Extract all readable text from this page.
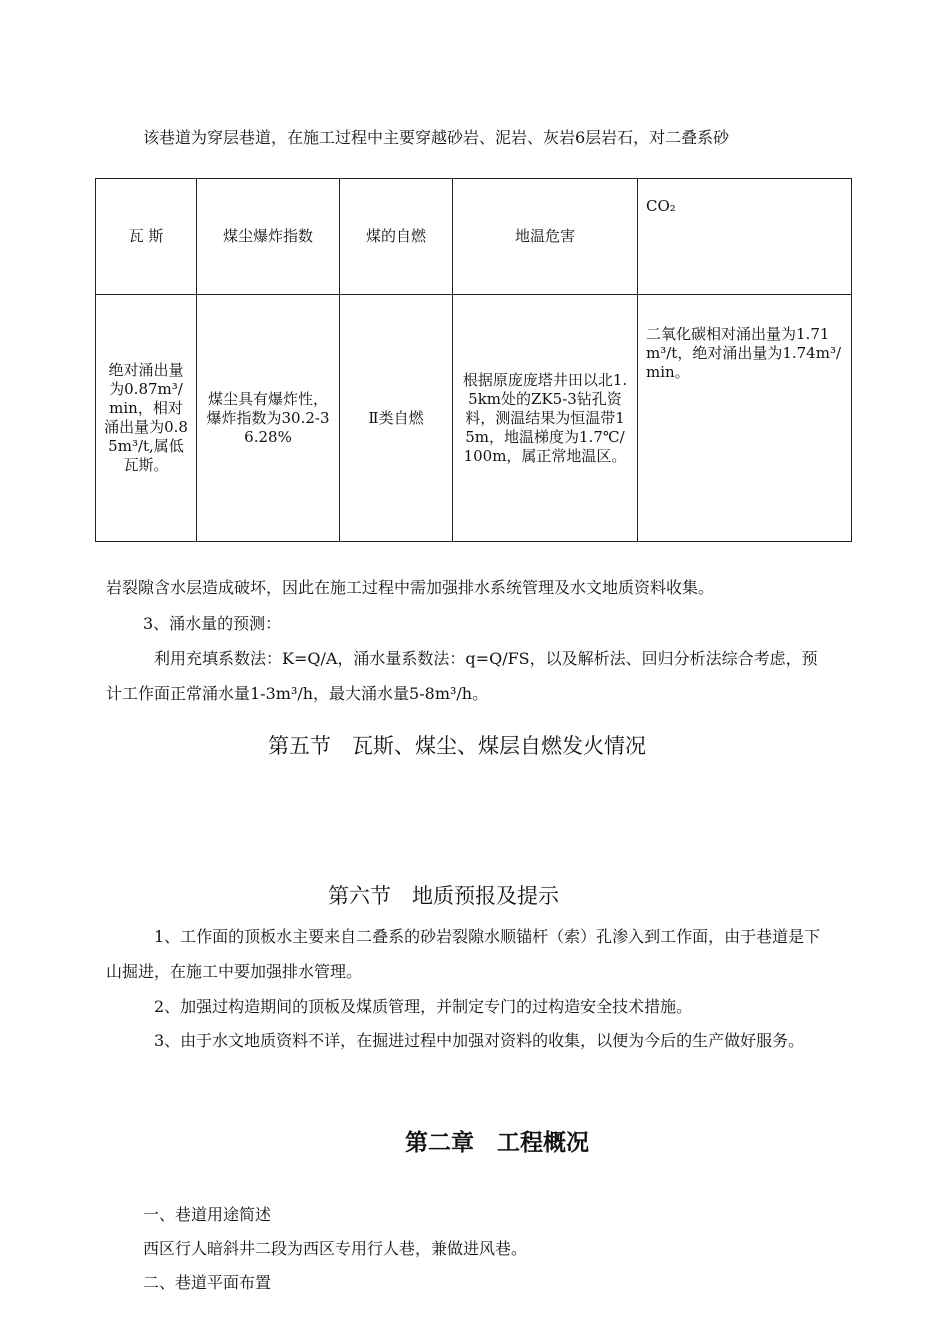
该巷道为穿层巷道，在施工过程中主要穿越砂岩、泥岩、灰岩6层岩石，对二叠系砂
瓦 斯	煤尘爆炸指数	煤的自燃	地温危害	CO₂
绝对涌出量为0.87m³/min，相对涌出量为0.85m³/t,属低瓦斯。	煤尘具有爆炸性，爆炸指数为30.2-36.28%	Ⅱ类自燃	根据原庞庞塔井田以北1.5km处的ZK5-3钻孔资料，测温结果为恒温带15m，地温梯度为1.7℃/100m，属正常地温区。	二氧化碳相对涌出量为1.71m³/t，绝对涌出量为1.74m³/min。
岩裂隙含水层造成破坏，因此在施工过程中需加强排水系统管理及水文地质资料收集。
3、涌水量的预测：
利用充填系数法：K=Q/A，涌水量系数法：q=Q/FS，以及解析法、回归分析法综合考虑，预计工作面正常涌水量1-3m³/h，最大涌水量5-8m³/h。
第五节　瓦斯、煤尘、煤层自燃发火情况
第六节　地质预报及提示
1、工作面的顶板水主要来自二叠系的砂岩裂隙水顺锚杆（索）孔渗入到工作面，由于巷道是下山掘进，在施工中要加强排水管理。
2、加强过构造期间的顶板及煤质管理，并制定专门的过构造安全技术措施。
3、由于水文地质资料不详，在掘进过程中加强对资料的收集，以便为今后的生产做好服务。
第二章　工程概况
一、巷道用途简述
西区行人暗斜井二段为西区专用行人巷，兼做进风巷。
二、巷道平面布置
